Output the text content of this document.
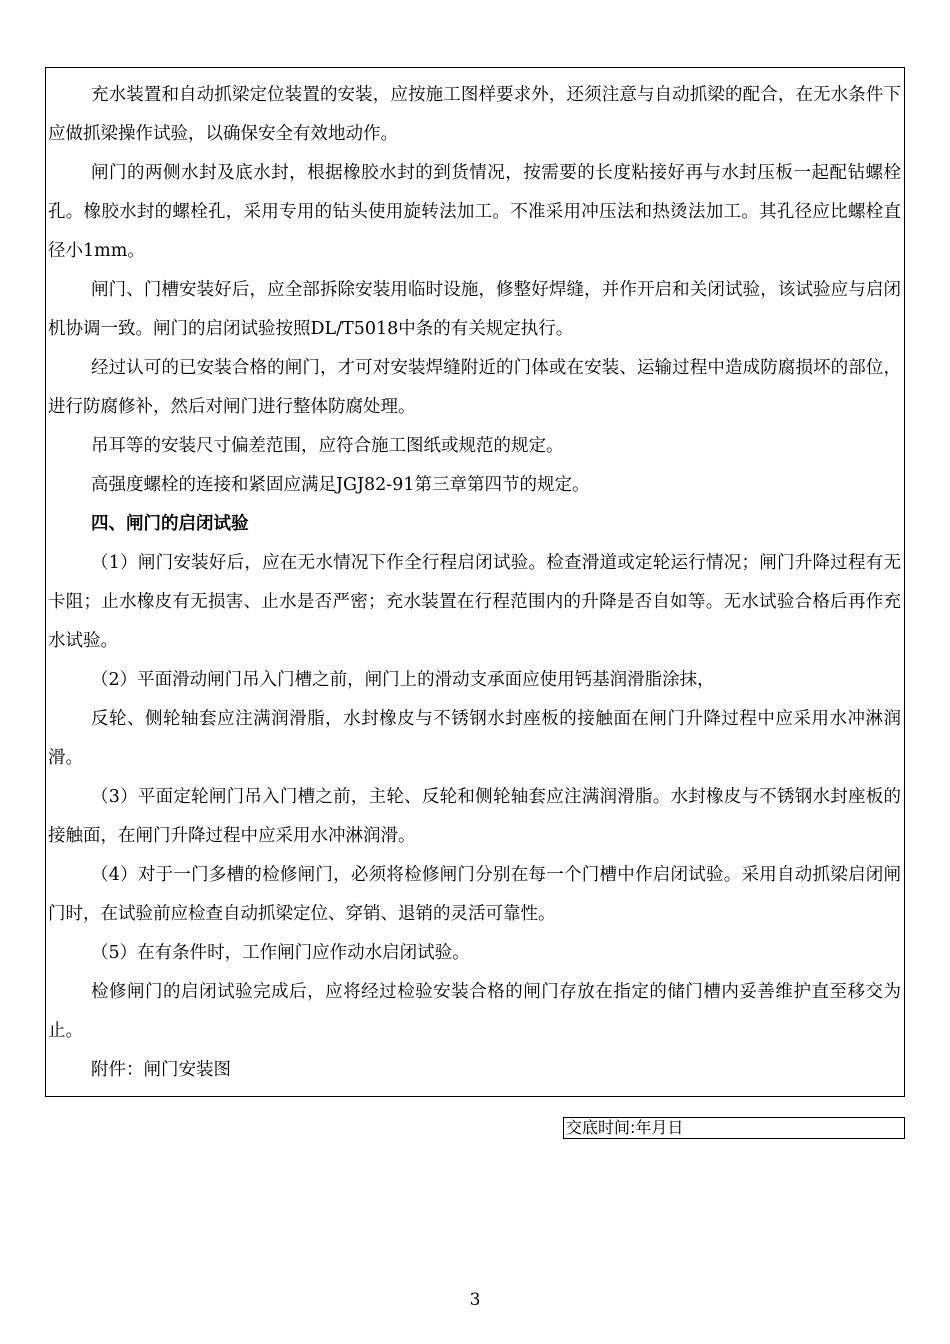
充水装置和自动抓梁定位装置的安装，应按施工图样要求外，还须注意与自动抓梁的配合，在无水条件下应做抓梁操作试验，以确保安全有效地动作。

闸门的两侧水封及底水封，根据橡胶水封的到货情况，按需要的长度粘接好再与水封压板一起配钻螺栓孔。橡胶水封的螺栓孔，采用专用的钻头使用旋转法加工。不准采用冲压法和热烫法加工。其孔径应比螺栓直径小1mm。

闸门、门槽安装好后，应全部拆除安装用临时设施，修整好焊缝，并作开启和关闭试验，该试验应与启闭机协调一致。闸门的启闭试验按照DL/T5018中条的有关规定执行。

经过认可的已安装合格的闸门，才可对安装焊缝附近的门体或在安装、运输过程中造成防腐损坏的部位，进行防腐修补，然后对闸门进行整体防腐处理。

吊耳等的安装尺寸偏差范围，应符合施工图纸或规范的规定。

高强度螺栓的连接和紧固应满足JGJ82-91第三章第四节的规定。

四、闸门的启闭试验

（1）闸门安装好后，应在无水情况下作全行程启闭试验。检查滑道或定轮运行情况；闸门升降过程有无卡阻；止水橡皮有无损害、止水是否严密；充水装置在行程范围内的升降是否自如等。无水试验合格后再作充水试验。

（2）平面滑动闸门吊入门槽之前，闸门上的滑动支承面应使用钙基润滑脂涂抹，

反轮、侧轮轴套应注满润滑脂，水封橡皮与不锈钢水封座板的接触面在闸门升降过程中应采用水冲淋润滑。

（3）平面定轮闸门吊入门槽之前，主轮、反轮和侧轮轴套应注满润滑脂。水封橡皮与不锈钢水封座板的接触面，在闸门升降过程中应采用水冲淋润滑。

（4）对于一门多槽的检修闸门，必须将检修闸门分别在每一个门槽中作启闭试验。采用自动抓梁启闭闸门时，在试验前应检查自动抓梁定位、穿销、退销的灵活可靠性。

（5）在有条件时，工作闸门应作动水启闭试验。

检修闸门的启闭试验完成后，应将经过检验安装合格的闸门存放在指定的储门槽内妥善维护直至移交为止。

附件：闸门安装图

交底时间:年月日
3
